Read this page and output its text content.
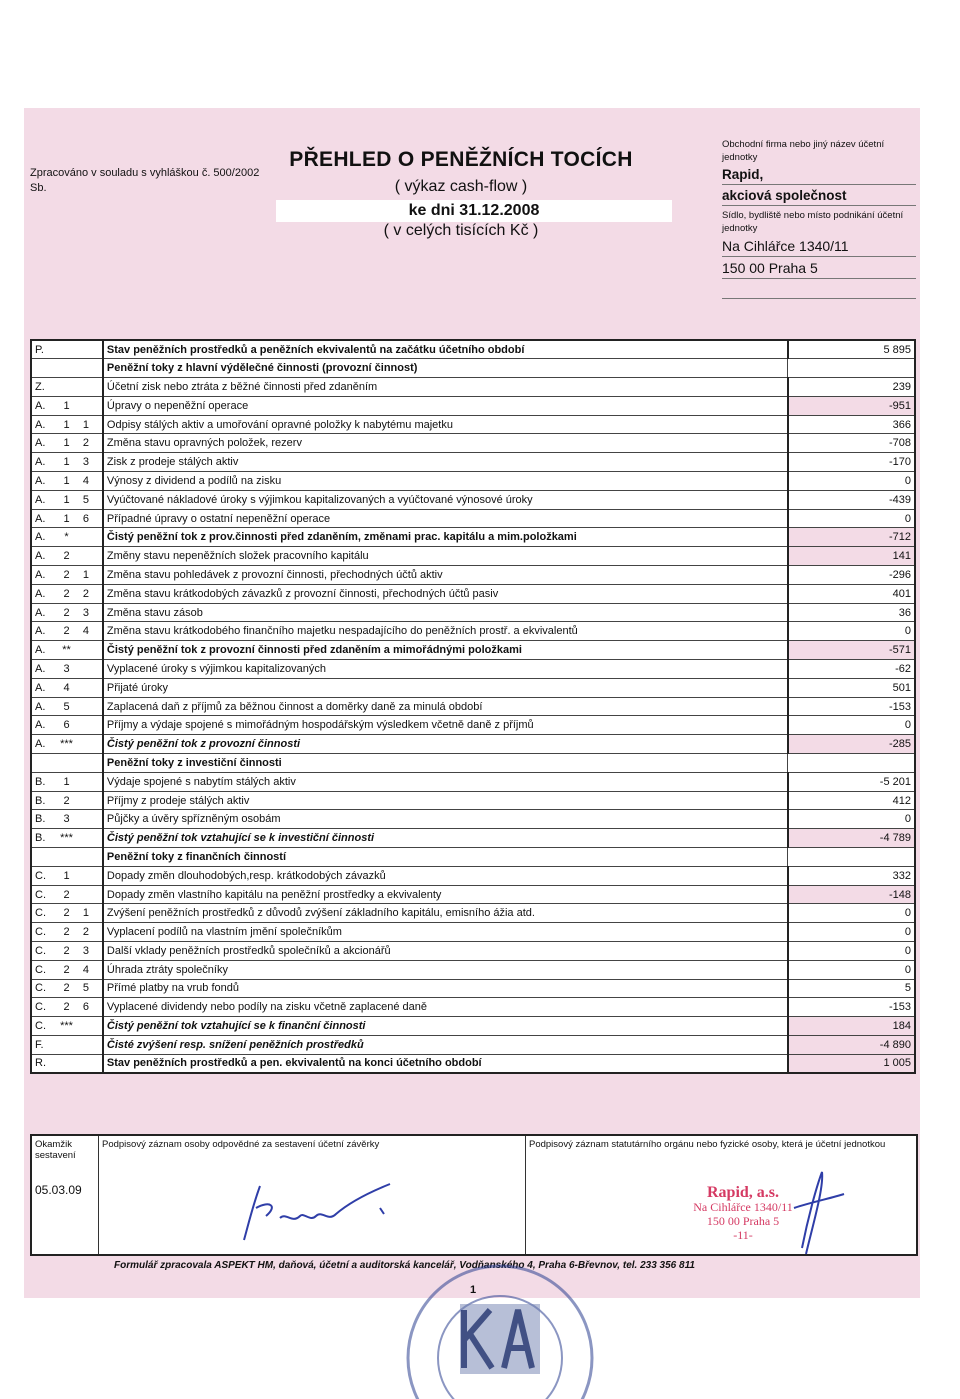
Zpracováno v souladu s vyhláškou č. 500/2002 Sb.
PŘEHLED O PENĚŽNÍCH TOCÍCH
( výkaz cash-flow )
ke dni 31.12.2008
( v celých tisících Kč )
Obchodní firma nebo jiný název účetní jednotky
Rapid,
akciová společnost
Sídlo, bydliště nebo místo podnikání účetní jednotky
Na Cihlářce 1340/11
150 00 Praha 5
P.	Stav peněžních prostředků a peněžních ekvivalentů na začátku účetního období	5 895
	Peněžní toky z hlavní výdělečné činnosti (provozní činnost)	
Z.	Účetní zisk nebo ztráta z běžné činnosti před zdaněním	239
A. 1	Úpravy o nepeněžní operace	-951
A. 1 1	Odpisy stálých aktiv a umořování opravné položky k nabytému majetku	366
A. 1 2	Změna stavu opravných položek, rezerv	-708
A. 1 3	Zisk z prodeje stálých aktiv	-170
A. 1 4	Výnosy z dividend a podílů na zisku	0
A. 1 5	Vyúčtované nákladové úroky s výjimkou kapitalizovaných a vyúčtované výnosové úroky	-439
A. 1 6	Případné úpravy o ostatní nepeněžní operace	0
A. *	Čistý peněžní tok z prov.činnosti před zdaněním, změnami prac. kapitálu a mim.položkami	-712
A. 2	Změny stavu nepeněžních složek pracovního kapitálu	141
A. 2 1	Změna stavu pohledávek z provozní činnosti, přechodných účtů aktiv	-296
A. 2 2	Změna stavu krátkodobých závazků z provozní činnosti, přechodných účtů pasiv	401
A. 2 3	Změna stavu zásob	36
A. 2 4	Změna stavu krátkodobého finančního majetku nespadajícího do peněžních prostř. a ekvivalentů	0
A. **	Čistý peněžní tok z provozní činnosti před zdaněním a mimořádnými položkami	-571
A. 3	Vyplacené úroky s výjimkou kapitalizovaných	-62
A. 4	Přijaté úroky	501
A. 5	Zaplacená daň z příjmů za běžnou činnost a doměrky daně za minulá období	-153
A. 6	Příjmy a výdaje spojené s mimořádným hospodářským výsledkem včetně daně z příjmů	0
A. ***	Čistý peněžní tok z provozní činnosti	-285
	Peněžní toky z investiční činnosti	
B. 1	Výdaje spojené s nabytím stálých aktiv	-5 201
B. 2	Příjmy z prodeje stálých aktiv	412
B. 3	Půjčky a úvěry spřízněným osobám	0
B. ***	Čistý peněžní tok vztahující se k investiční činnosti	-4 789
	Peněžní toky z finančních činností	
C. 1	Dopady změn dlouhodobých,resp. krátkodobých závazků	332
C. 2	Dopady změn vlastního kapitálu na peněžní prostředky a ekvivalenty	-148
C. 2 1	Zvýšení peněžních prostředků z důvodů zvýšení základního kapitálu, emisního ážia atd.	0
C. 2 2	Vyplacení podílů na vlastním jmění společníkům	0
C. 2 3	Další vklady peněžních prostředků společníků a akcionářů	0
C. 2 4	Úhrada ztráty společníky	0
C. 2 5	Přímé platby na vrub fondů	5
C. 2 6	Vyplacené dividendy nebo podíly na zisku včetně zaplacené daně	-153
C. ***	Čistý peněžní tok vztahující se k finanční činnosti	184
F.	Čisté zvýšení resp. snížení peněžních prostředků	-4 890
R.	Stav peněžních prostředků a pen. ekvivalentů na konci účetního období	1 005
Okamžik sestavení
05.03.09
	Podpisový záznam osoby odpovědné za sestavení účetní závěrky	Podpisový záznam statutárního orgánu nebo fyzické osoby, která je účetní jednotkou
Rapid, a.s.
Na Cihlářce 1340/11
150 00 Praha 5
-11-
Formulář zpracovala ASPEKT HM, daňová, účetní a auditorská kancelář, Vodňanského 4, Praha 6-Břevnov, tel. 233 356 811
1
